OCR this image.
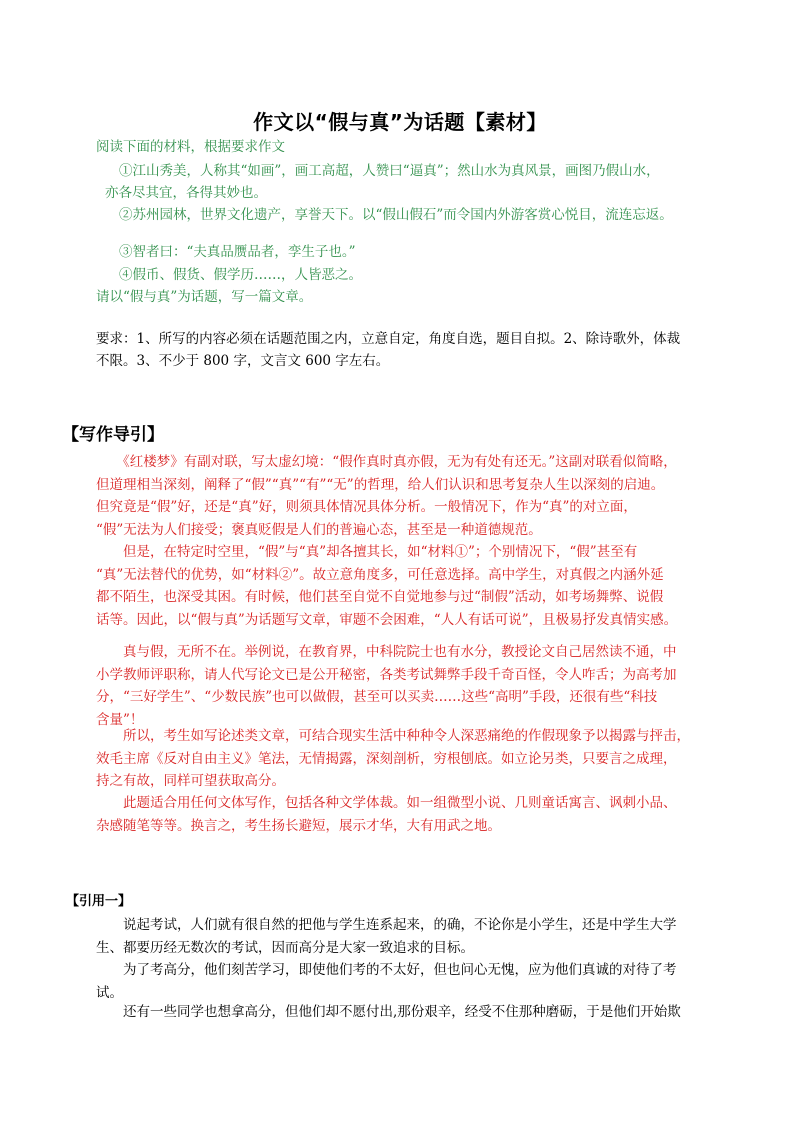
作文以“假与真”为话题【素材】
阅读下面的材料，根据要求作文
①江山秀美，人称其“如画”，画工高超，人赞曰“逼真”；然山水为真风景，画图乃假山水，
亦各尽其宜，各得其妙也。
②苏州园林，世界文化遗产，享誉天下。以“假山假石”而令国内外游客赏心悦目，流连忘返。
③智者曰：“夫真品赝品者，孪生子也。”
④假币、假货、假学历……，人皆恶之。
请以“假与真”为话题，写一篇文章。
要求：1、所写的内容必须在话题范围之内，立意自定，角度自选，题目自拟。2、除诗歌外，体裁
不限。3、不少于 800 字，文言文 600 字左右。
【写作导引】
　　《红楼梦》有副对联，写太虚幻境：“假作真时真亦假，无为有处有还无。”这副对联看似简略，
但道理相当深刻，阐释了“假”“真”“有”“无”的哲理，给人们认识和思考复杂人生以深刻的启迪。
但究竟是“假”好，还是“真”好，则须具体情况具体分析。一般情况下，作为“真”的对立面，
“假”无法为人们接受；褒真贬假是人们的普遍心态，甚至是一种道德规范。
　　但是，在特定时空里，“假”与“真”却各擅其长，如“材料①”；个别情况下，“假”甚至有
“真”无法替代的优势，如“材料②”。故立意角度多，可任意选择。高中学生，对真假之内涵外延
都不陌生，也深受其困。有时候，他们甚至自觉不自觉地参与过“制假”活动，如考场舞弊、说假
话等。因此，以“假与真”为话题写文章，审题不会困难，“人人有话可说”，且极易抒发真情实感。
　　真与假，无所不在。举例说，在教育界，中科院院士也有水分，教授论文自己居然读不通，中
小学教师评职称，请人代写论文已是公开秘密，各类考试舞弊手段千奇百怪，令人咋舌；为高考加
分，“三好学生”、“少数民族”也可以做假，甚至可以买卖……这些“高明”手段，还很有些“科技
含量”！
　　所以，考生如写论述类文章，可结合现实生活中种种令人深恶痛绝的作假现象予以揭露与抨击，
效毛主席《反对自由主义》笔法，无情揭露，深刻剖析，穷根刨底。如立论另类，只要言之成理，
持之有故，同样可望获取高分。
　　此题适合用任何文体写作，包括各种文学体裁。如一组微型小说、几则童话寓言、讽刺小品、
杂感随笔等等。换言之，考生扬长避短，展示才华，大有用武之地。
【引用一】
　　说起考试，人们就有很自然的把他与学生连系起来，的确，不论你是小学生，还是中学生大学
生、都要历经无数次的考试，因而高分是大家一致追求的目标。
　　为了考高分，他们刻苦学习，即使他们考的不太好，但也问心无愧，应为他们真诚的对待了考
试。
　　还有一些同学也想拿高分，但他们却不愿付出,那份艰辛，经受不住那种磨砺，于是他们开始欺
